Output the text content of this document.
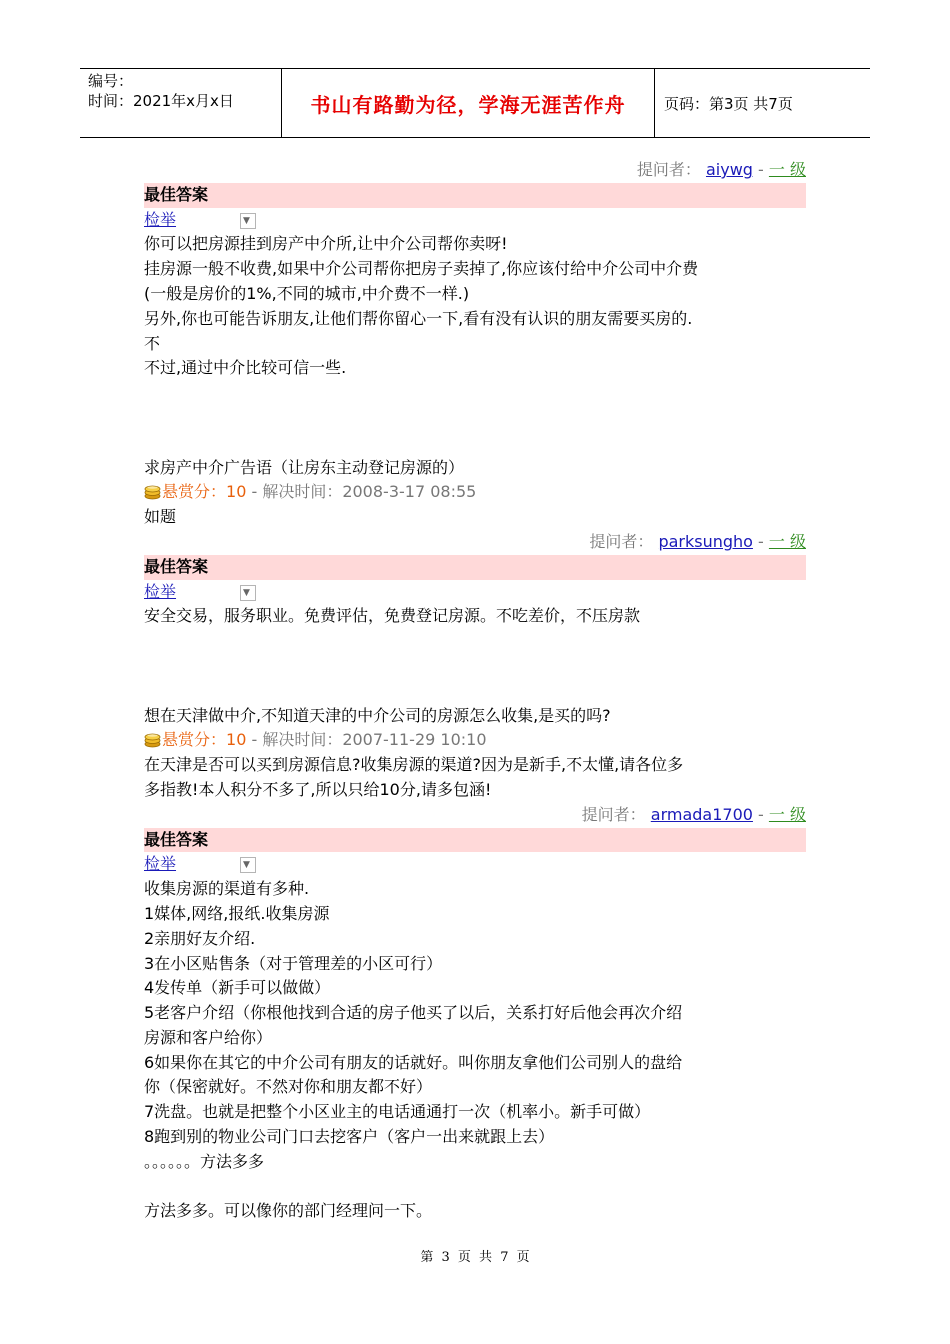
编号：
时间：2021年x月x日	书山有路勤为径，学海无涯苦作舟	页码：第3页 共7页
提问者： aiywg - 一 级
最佳答案
检举	▼
你可以把房源挂到房产中介所,让中介公司帮你卖呀!
挂房源一般不收费,如果中介公司帮你把房子卖掉了,你应该付给中介公司中介费
(一般是房价的1%,不同的城市,中介费不一样.)
另外,你也可能告诉朋友,让他们帮你留心一下,看有没有认识的朋友需要买房的.
不
不过,通过中介比较可信一些.
求房产中介广告语（让房东主动登记房源的）
悬赏分：10 - 解决时间：2008-3-17 08:55
如题
提问者： parksungho - 一 级
最佳答案
检举	▼
安全交易，服务职业。免费评估，免费登记房源。不吃差价，不压房款
想在天津做中介,不知道天津的中介公司的房源怎么收集,是买的吗?
悬赏分：10 - 解决时间：2007-11-29 10:10
在天津是否可以买到房源信息?收集房源的渠道?因为是新手,不太懂,请各位多
多指教!本人积分不多了,所以只给10分,请多包涵!
提问者： armada1700 - 一 级
最佳答案
检举	▼
收集房源的渠道有多种.
1媒体,网络,报纸.收集房源
2亲朋好友介绍.
3在小区贴售条（对于管理差的小区可行）
4发传单（新手可以做做）
5老客户介绍（你根他找到合适的房子他买了以后，关系打好后他会再次介绍
房源和客户给你）
6如果你在其它的中介公司有朋友的话就好。叫你朋友拿他们公司别人的盘给
你（保密就好。不然对你和朋友都不好）
7洗盘。也就是把整个小区业主的电话通通打一次（机率小。新手可做）
8跑到别的物业公司门口去挖客户（客户一出来就跟上去）
。。。。。。方法多多
方法多多。可以像你的部门经理问一下。
第 3 页 共 7 页
